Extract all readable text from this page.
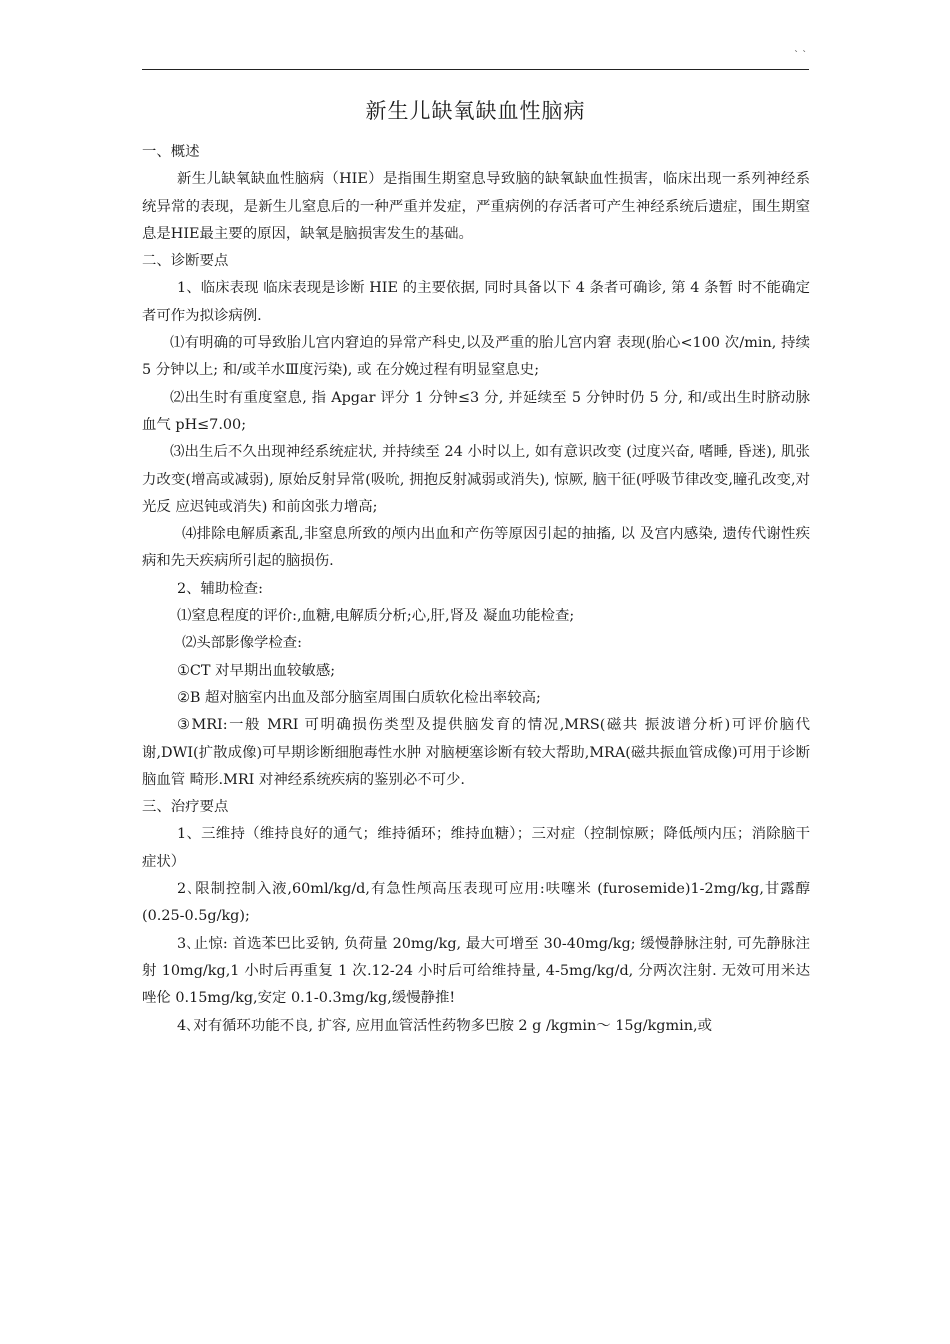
` `
新生儿缺氧缺血性脑病

一、概述

新生儿缺氧缺血性脑病（HIE）是指围生期窒息导致脑的缺氧缺血性损害，临床出现一系列神经系统异常的表现，是新生儿窒息后的一种严重并发症，严重病例的存活者可产生神经系统后遗症，围生期窒息是HIE最主要的原因，缺氧是脑损害发生的基础。

二、诊断要点

1、临床表现 临床表现是诊断 HIE 的主要依据, 同时具备以下 4 条者可确诊, 第 4 条暂 时不能确定者可作为拟诊病例.

⑴有明确的可导致胎儿宫内窘迫的异常产科史,以及严重的胎儿宫内窘 表现(胎心<100 次/min, 持续 5 分钟以上; 和/或羊水Ⅲ度污染), 或 在分娩过程有明显窒息史;

⑵出生时有重度窒息, 指 Apgar 评分 1 分钟≤3 分, 并延续至 5 分钟时仍 5 分, 和/或出生时脐动脉血气 pH≤7.00;

⑶出生后不久出现神经系统症状, 并持续至 24 小时以上, 如有意识改变 (过度兴奋, 嗜睡, 昏迷), 肌张力改变(增高或减弱), 原始反射异常(吸吮, 拥抱反射减弱或消失), 惊厥, 脑干征(呼吸节律改变,瞳孔改变,对光反 应迟钝或消失) 和前囟张力增高;

⑷排除电解质紊乱,非窒息所致的颅内出血和产伤等原因引起的抽搐, 以 及宫内感染, 遗传代谢性疾病和先天疾病所引起的脑损伤.

2、辅助检查:

⑴窒息程度的评价:,血糖,电解质分析;心,肝,肾及 凝血功能检查;

⑵头部影像学检查:

①CT 对早期出血较敏感;

②B 超对脑室内出血及部分脑室周围白质软化检出率较高;

③MRI:一般 MRI 可明确损伤类型及提供脑发育的情况,MRS(磁共 振波谱分析)可评价脑代谢,DWI(扩散成像)可早期诊断细胞毒性水肿 对脑梗塞诊断有较大帮助,MRA(磁共振血管成像)可用于诊断脑血管 畸形.MRI 对神经系统疾病的鉴别必不可少.

三、治疗要点

1、三维持（维持良好的通气；维持循环；维持血糖）；三对症（控制惊厥；降低颅内压；消除脑干症状）

2､限制控制入液,60ml/kg/d,有急性颅高压表现可应用:呋噻米 (furosemide)1-2mg/kg,甘露醇(0.25-0.5g/kg);

3､止惊: 首选苯巴比妥钠, 负荷量 20mg/kg, 最大可增至 30-40mg/kg; 缓慢静脉注射, 可先静脉注射 10mg/kg,1 小时后再重复 1 次.12-24 小时后可给维持量, 4-5mg/kg/d, 分两次注射. 无效可用米达唑伦 0.15mg/kg,安定 0.1-0.3mg/kg,缓慢静推!

4､对有循环功能不良, 扩容, 应用血管活性药物多巴胺 2 g /kgmin～ 15g/kgmin,或
